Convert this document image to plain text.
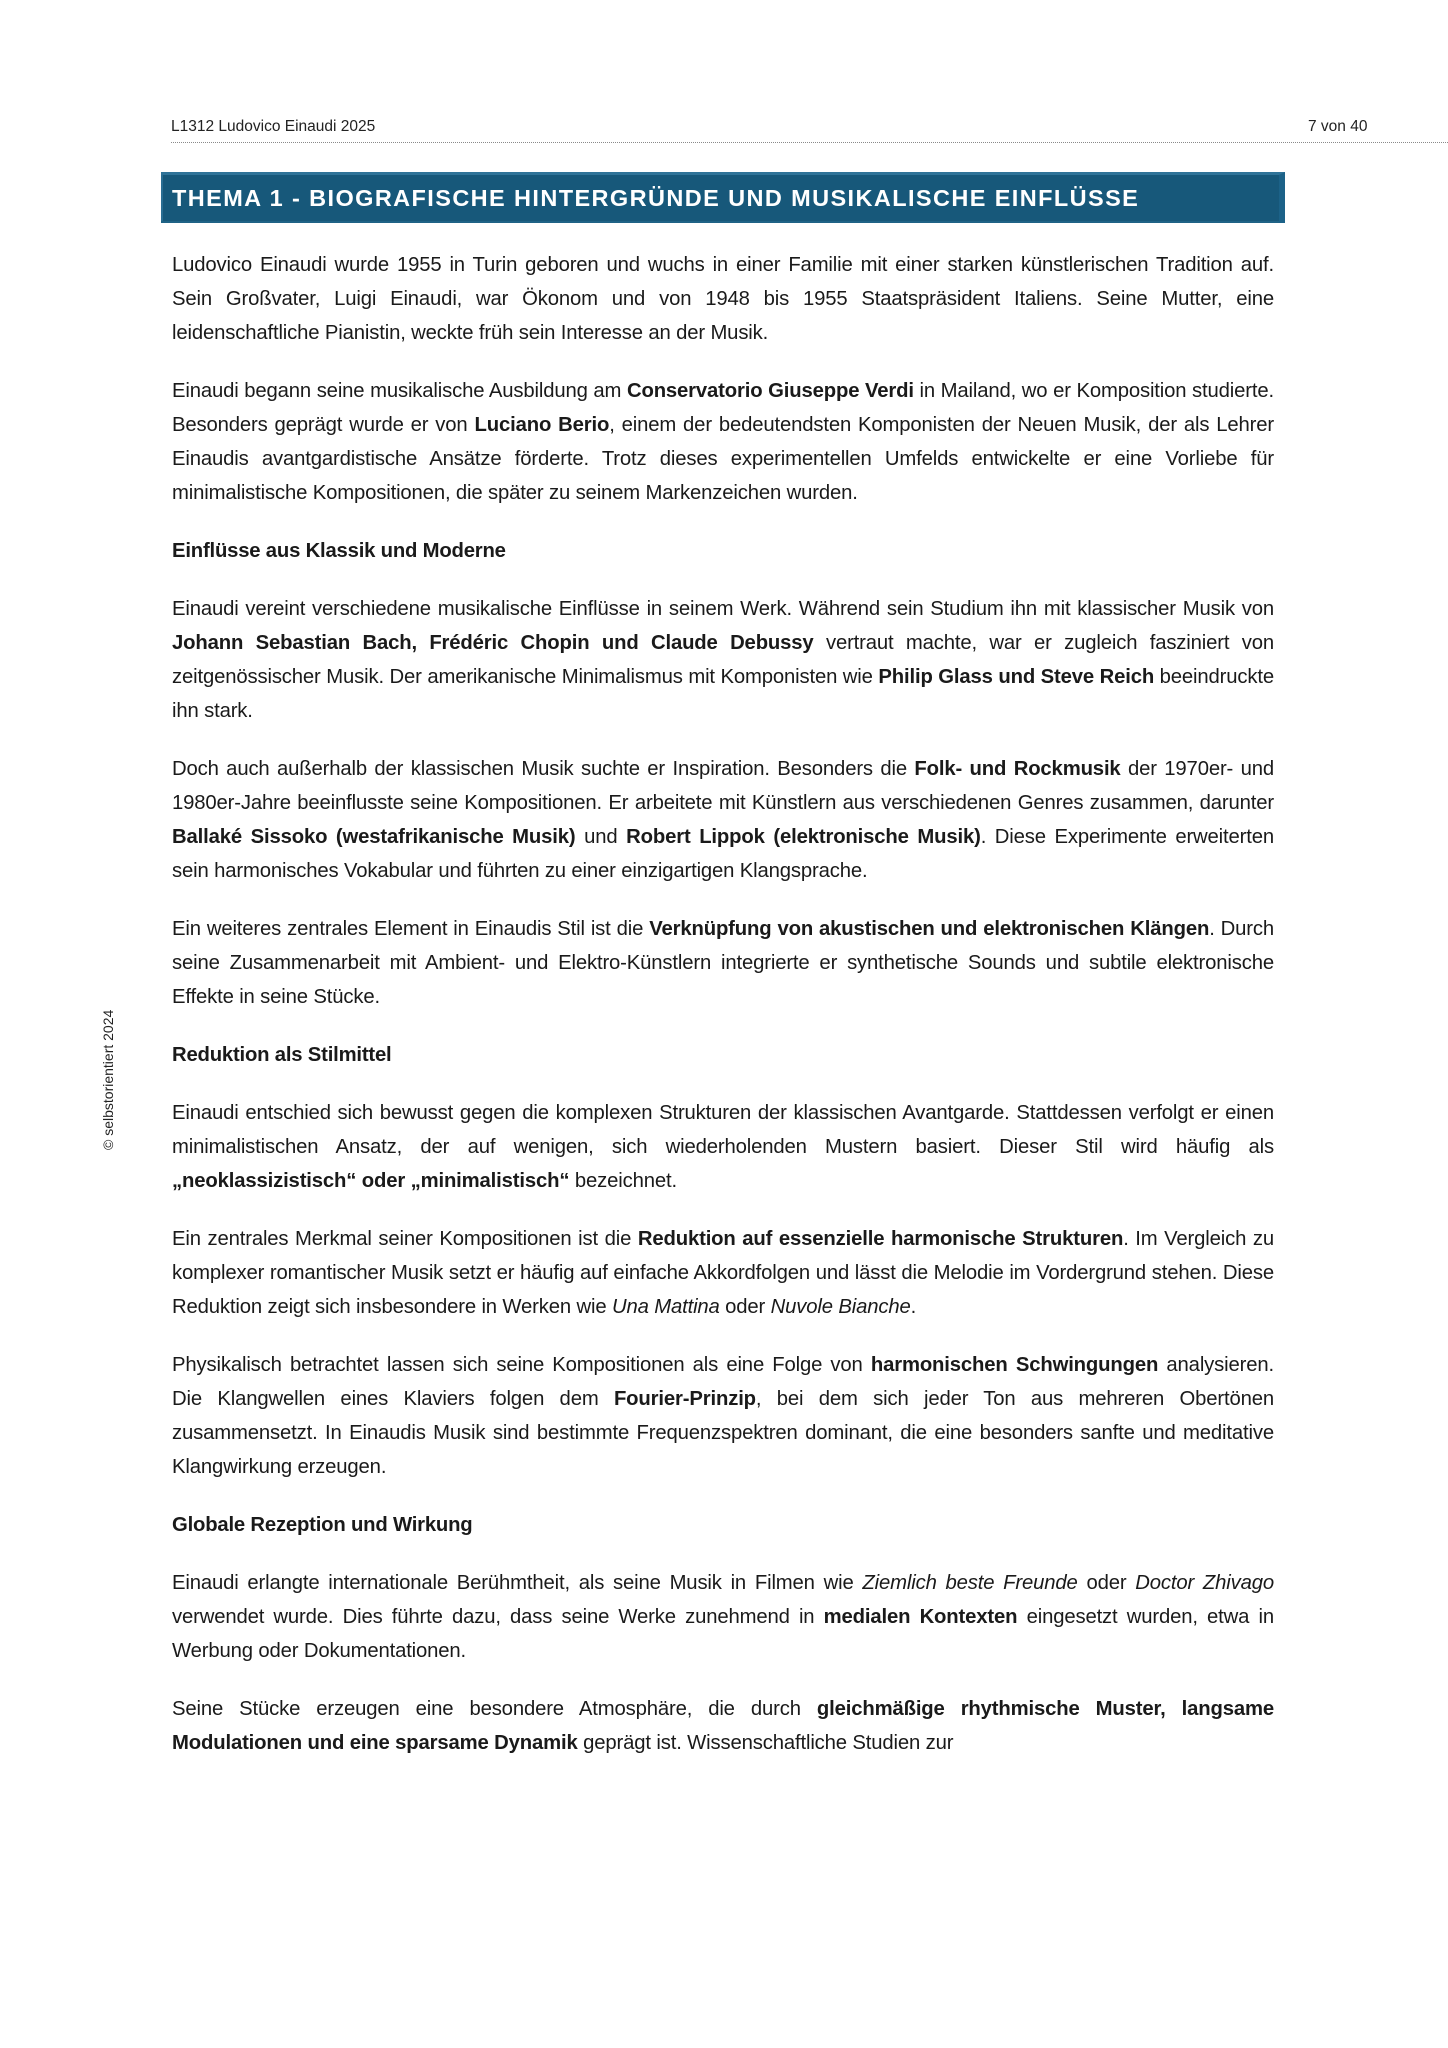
L1312 Ludovico Einaudi 2025	7 von 40
© selbstorientiert 2024
THEMA 1 - BIOGRAFISCHE HINTERGRÜNDE UND MUSIKALISCHE EINFLÜSSE

Ludovico Einaudi wurde 1955 in Turin geboren und wuchs in einer Familie mit einer starken künstlerischen Tradition auf. Sein Großvater, Luigi Einaudi, war Ökonom und von 1948 bis 1955 Staatspräsident Italiens. Seine Mutter, eine leidenschaftliche Pianistin, weckte früh sein Interesse an der Musik.

Einaudi begann seine musikalische Ausbildung am Conservatorio Giuseppe Verdi in Mailand, wo er Komposition studierte. Besonders geprägt wurde er von Luciano Berio, einem der bedeutendsten Komponisten der Neuen Musik, der als Lehrer Einaudis avantgardistische Ansätze förderte. Trotz dieses experimentellen Umfelds entwickelte er eine Vorliebe für minimalistische Kompositionen, die später zu seinem Markenzeichen wurden.

Einflüsse aus Klassik und Moderne

Einaudi vereint verschiedene musikalische Einflüsse in seinem Werk. Während sein Studium ihn mit klassischer Musik von Johann Sebastian Bach, Frédéric Chopin und Claude Debussy vertraut machte, war er zugleich fasziniert von zeitgenössischer Musik. Der amerikanische Minimalismus mit Komponisten wie Philip Glass und Steve Reich beeindruckte ihn stark.

Doch auch außerhalb der klassischen Musik suchte er Inspiration. Besonders die Folk- und Rockmusik der 1970er- und 1980er-Jahre beeinflusste seine Kompositionen. Er arbeitete mit Künstlern aus verschiedenen Genres zusammen, darunter Ballaké Sissoko (westafrikanische Musik) und Robert Lippok (elektronische Musik). Diese Experimente erweiterten sein harmonisches Vokabular und führten zu einer einzigartigen Klangsprache.

Ein weiteres zentrales Element in Einaudis Stil ist die Verknüpfung von akustischen und elektronischen Klängen. Durch seine Zusammenarbeit mit Ambient- und Elektro-Künstlern integrierte er synthetische Sounds und subtile elektronische Effekte in seine Stücke.

Reduktion als Stilmittel

Einaudi entschied sich bewusst gegen die komplexen Strukturen der klassischen Avantgarde. Stattdessen verfolgt er einen minimalistischen Ansatz, der auf wenigen, sich wiederholenden Mustern basiert. Dieser Stil wird häufig als „neoklassizistisch“ oder „minimalistisch“ bezeichnet.

Ein zentrales Merkmal seiner Kompositionen ist die Reduktion auf essenzielle harmonische Strukturen. Im Vergleich zu komplexer romantischer Musik setzt er häufig auf einfache Akkordfolgen und lässt die Melodie im Vordergrund stehen. Diese Reduktion zeigt sich insbesondere in Werken wie Una Mattina oder Nuvole Bianche.

Physikalisch betrachtet lassen sich seine Kompositionen als eine Folge von harmonischen Schwingungen analysieren. Die Klangwellen eines Klaviers folgen dem Fourier-Prinzip, bei dem sich jeder Ton aus mehreren Obertönen zusammensetzt. In Einaudis Musik sind bestimmte Frequenzspektren dominant, die eine besonders sanfte und meditative Klangwirkung erzeugen.

Globale Rezeption und Wirkung

Einaudi erlangte internationale Berühmtheit, als seine Musik in Filmen wie Ziemlich beste Freunde oder Doctor Zhivago verwendet wurde. Dies führte dazu, dass seine Werke zunehmend in medialen Kontexten eingesetzt wurden, etwa in Werbung oder Dokumentationen.

Seine Stücke erzeugen eine besondere Atmosphäre, die durch gleichmäßige rhythmische Muster, langsame Modulationen und eine sparsame Dynamik geprägt ist. Wissenschaftliche Studien zur
